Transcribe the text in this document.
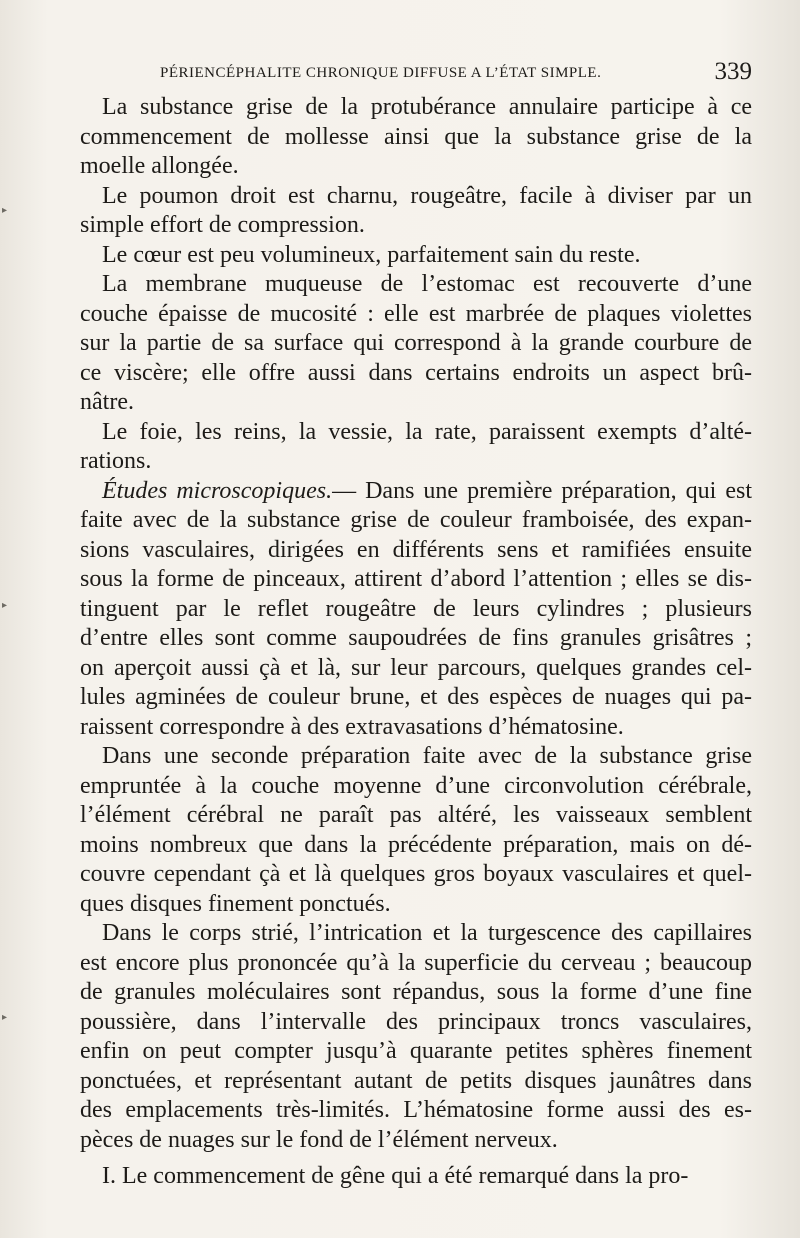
PÉRIENCÉPHALITE CHRONIQUE DIFFUSE A L’ÉTAT SIMPLE.	339
La substance grise de la protubérance annulaire participe à ce
commencement de mollesse ainsi que la substance grise de la
moelle allongée.
Le poumon droit est charnu, rougeâtre, facile à diviser par un
simple effort de compression.
Le cœur est peu volumineux, parfaitement sain du reste.
La membrane muqueuse de l’estomac est recouverte d’une
couche épaisse de mucosité : elle est marbrée de plaques violettes
sur la partie de sa surface qui correspond à la grande courbure de
ce viscère; elle offre aussi dans certains endroits un aspect brû-
nâtre.
Le foie, les reins, la vessie, la rate, paraissent exempts d’alté-
rations.
Études microscopiques.— Dans une première préparation, qui est
faite avec de la substance grise de couleur framboisée, des expan-
sions vasculaires, dirigées en différents sens et ramifiées ensuite
sous la forme de pinceaux, attirent d’abord l’attention ; elles se dis-
tinguent par le reflet rougeâtre de leurs cylindres ; plusieurs
d’entre elles sont comme saupoudrées de fins granules grisâtres ;
on aperçoit aussi çà et là, sur leur parcours, quelques grandes cel-
lules agminées de couleur brune, et des espèces de nuages qui pa-
raissent correspondre à des extravasations d’hématosine.
Dans une seconde préparation faite avec de la substance grise
empruntée à la couche moyenne d’une circonvolution cérébrale,
l’élément cérébral ne paraît pas altéré, les vaisseaux semblent
moins nombreux que dans la précédente préparation, mais on dé-
couvre cependant çà et là quelques gros boyaux vasculaires et quel-
ques disques finement ponctués.
Dans le corps strié, l’intrication et la turgescence des capillaires
est encore plus prononcée qu’à la superficie du cerveau ; beaucoup
de granules moléculaires sont répandus, sous la forme d’une fine
poussière, dans l’intervalle des principaux troncs vasculaires,
enfin on peut compter jusqu’à quarante petites sphères finement
ponctuées, et représentant autant de petits disques jaunâtres dans
des emplacements très-limités. L’hématosine forme aussi des es-
pèces de nuages sur le fond de l’élément nerveux.
I. Le commencement de gêne qui a été remarqué dans la pro-
▸
▸
▸
